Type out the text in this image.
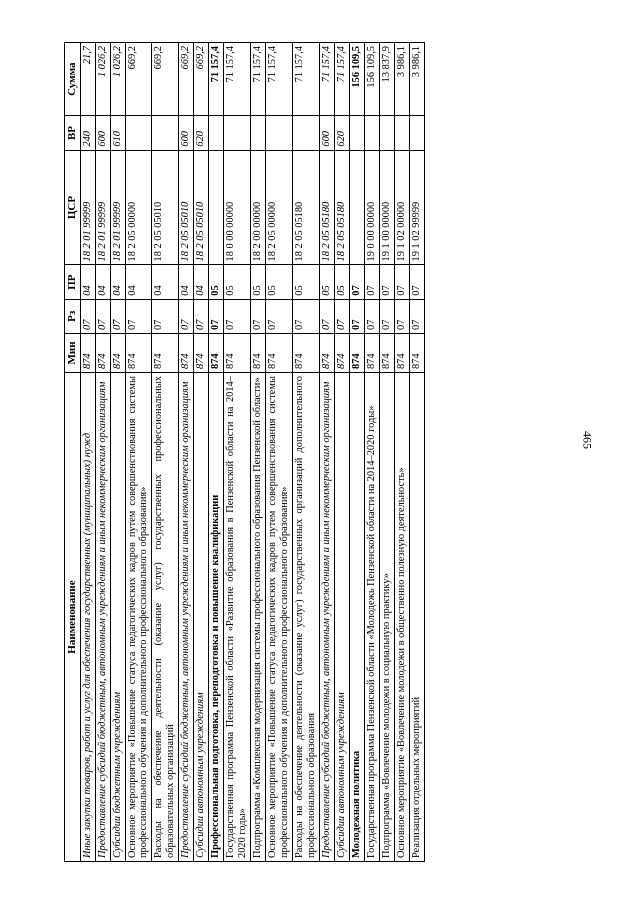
465
Наименование	Мин	Рз	ПР	ЦСР	ВР	Сумма
Иные закупки товаров, работ и услуг для обеспечения государственных (муниципальных) нужд	874	07	04	18 2 01 99999	240	21,7
Предоставление субсидий бюджетным, автономным учреждениям и иным некоммерческим организациям	874	07	04	18 2 01 99999	600	1 026,2
Субсидии бюджетным учреждениям	874	07	04	18 2 01 99999	610	1 026,2
Основное мероприятие «Повышение статуса педагогических кадров путем совершенствования системы профессионального обучения и дополнительного профессионального образования»	874	07	04	18 2 05 00000		669,2
Расходы на обеспечение деятельности (оказание услуг) государственных профессиональных образовательных организаций	874	07	04	18 2 05 05010		669,2
Предоставление субсидий бюджетным, автономным учреждениям и иным некоммерческим организациям	874	07	04	18 2 05 05010	600	669,2
Субсидии автономным учреждениям	874	07	04	18 2 05 05010	620	669,2
Профессиональная подготовка, переподготовка и повышение квалификации	874	07	05			71 157,4
Государственная программа Пензенской области «Развитие образования в Пензенской области на 2014–2020 годы»	874	07	05	18 0 00 00000		71 157,4
Подпрограмма «Комплексная модернизация системы профессионального образования Пензенской области»	874	07	05	18 2 00 00000		71 157,4
Основное мероприятие «Повышение статуса педагогических кадров путем совершенствования системы профессионального обучения и дополнительного профессионального образования»	874	07	05	18 2 05 00000		71 157,4
Расходы на обеспечение деятельности (оказание услуг) государственных организаций дополнительного профессионального образования	874	07	05	18 2 05 05180		71 157,4
Предоставление субсидий бюджетным, автономным учреждениям и иным некоммерческим организациям	874	07	05	18 2 05 05180	600	71 157,4
Субсидии автономным учреждениям	874	07	05	18 2 05 05180	620	71 157,4
Молодежная политика	874	07	07			156 109,5
Государственная программа Пензенской области «Молодежь Пензенской области на 2014–2020 годы»	874	07	07	19 0 00 00000		156 109,5
Подпрограмма «Вовлечение молодежи в социальную практику»	874	07	07	19 1 00 00000		13 837,9
Основное мероприятие «Вовлечение молодежи в общественно полезную деятельность»	874	07	07	19 1 02 00000		3 986,1
Реализация отдельных мероприятий	874	07	07	19 1 02 99999		3 986,1
